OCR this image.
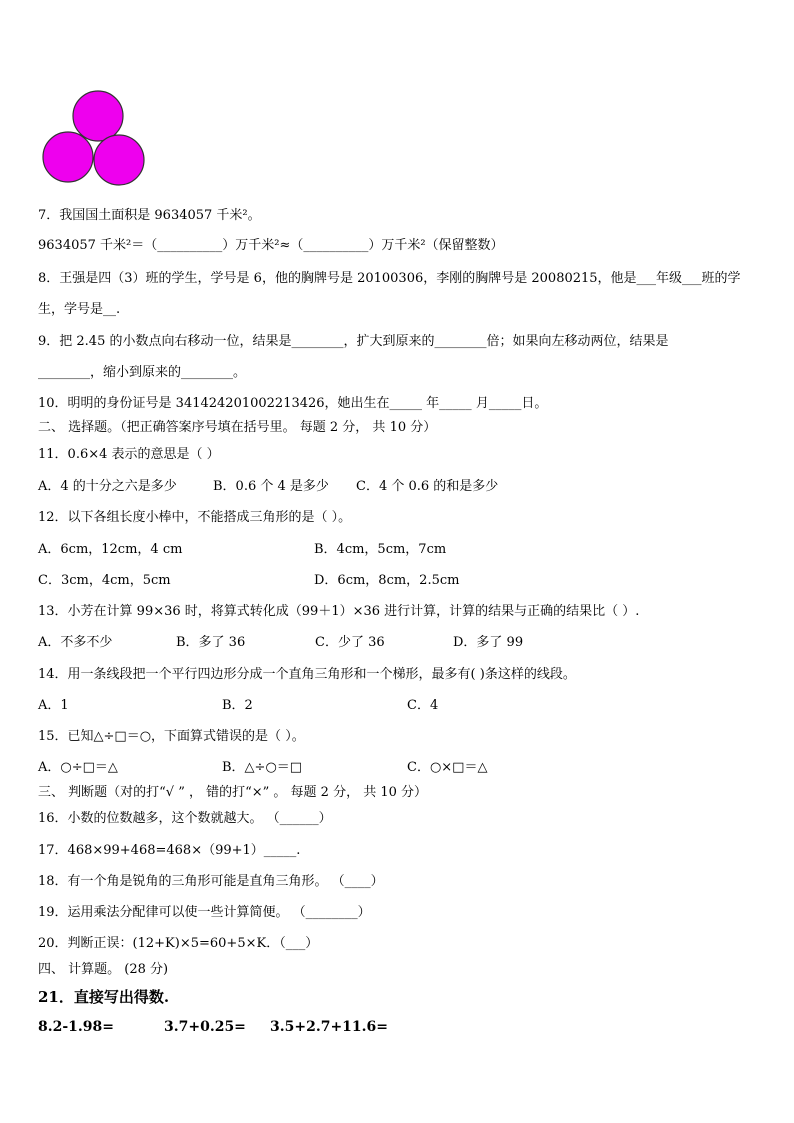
7．我国国土面积是 9634057 千米²。
9634057 千米²＝（__________）万千米²≈（__________）万千米²（保留整数）
8．王强是四（3）班的学生，学号是 6，他的胸牌号是 20100306，李刚的胸牌号是 20080215，他是___年级___班的学
生，学号是__.
9．把 2.45 的小数点向右移动一位，结果是________，扩大到原来的________倍；如果向左移动两位，结果是
________，缩小到原来的________。
10．明明的身份证号是 341424201002213426，她出生在_____ 年_____ 月_____日。
二、 选择题。（把正确答案序号填在括号里。 每题 2 分， 共 10 分）
11．0.6×4 表示的意思是（ ）
A．4 的十分之六是多少	B．0.6 个 4 是多少 C．4 个 0.6 的和是多少
12．以下各组长度小棒中，不能搭成三角形的是（ ）。
A．6cm，12cm，4 cm	B．4cm，5cm，7cm
C．3cm，4cm，5cm	D．6cm，8cm，2.5cm
13．小芳在计算 99×36 时，将算式转化成（99＋1）×36 进行计算，计算的结果与正确的结果比（ ）.
A．不多不少	B．多了 36	C．少了 36	D．多了 99
14．用一条线段把一个平行四边形分成一个直角三角形和一个梯形，最多有( )条这样的线段。
A．1	B．2	C．4
15．已知△÷□＝○，下面算式错误的是（ ）。
A．○÷□＝△	B．△÷○＝□	C．○×□＝△
三、 判断题（对的打“√ ” ， 错的打“×” 。 每题 2 分， 共 10 分）
16．小数的位数越多，这个数就越大。 （______）
17．468×99+468=468×（99+1）_____.
18．有一个角是锐角的三角形可能是直角三角形。 （____）
19．运用乘法分配律可以使一些计算简便。 （________）
20．判断正误：(12+K)×5=60+5×K．（___）
四、 计算题。 (28 分)
21．直接写出得数.
8.2-1.98=	3.7+0.25= 3.5+2.7+11.6=
